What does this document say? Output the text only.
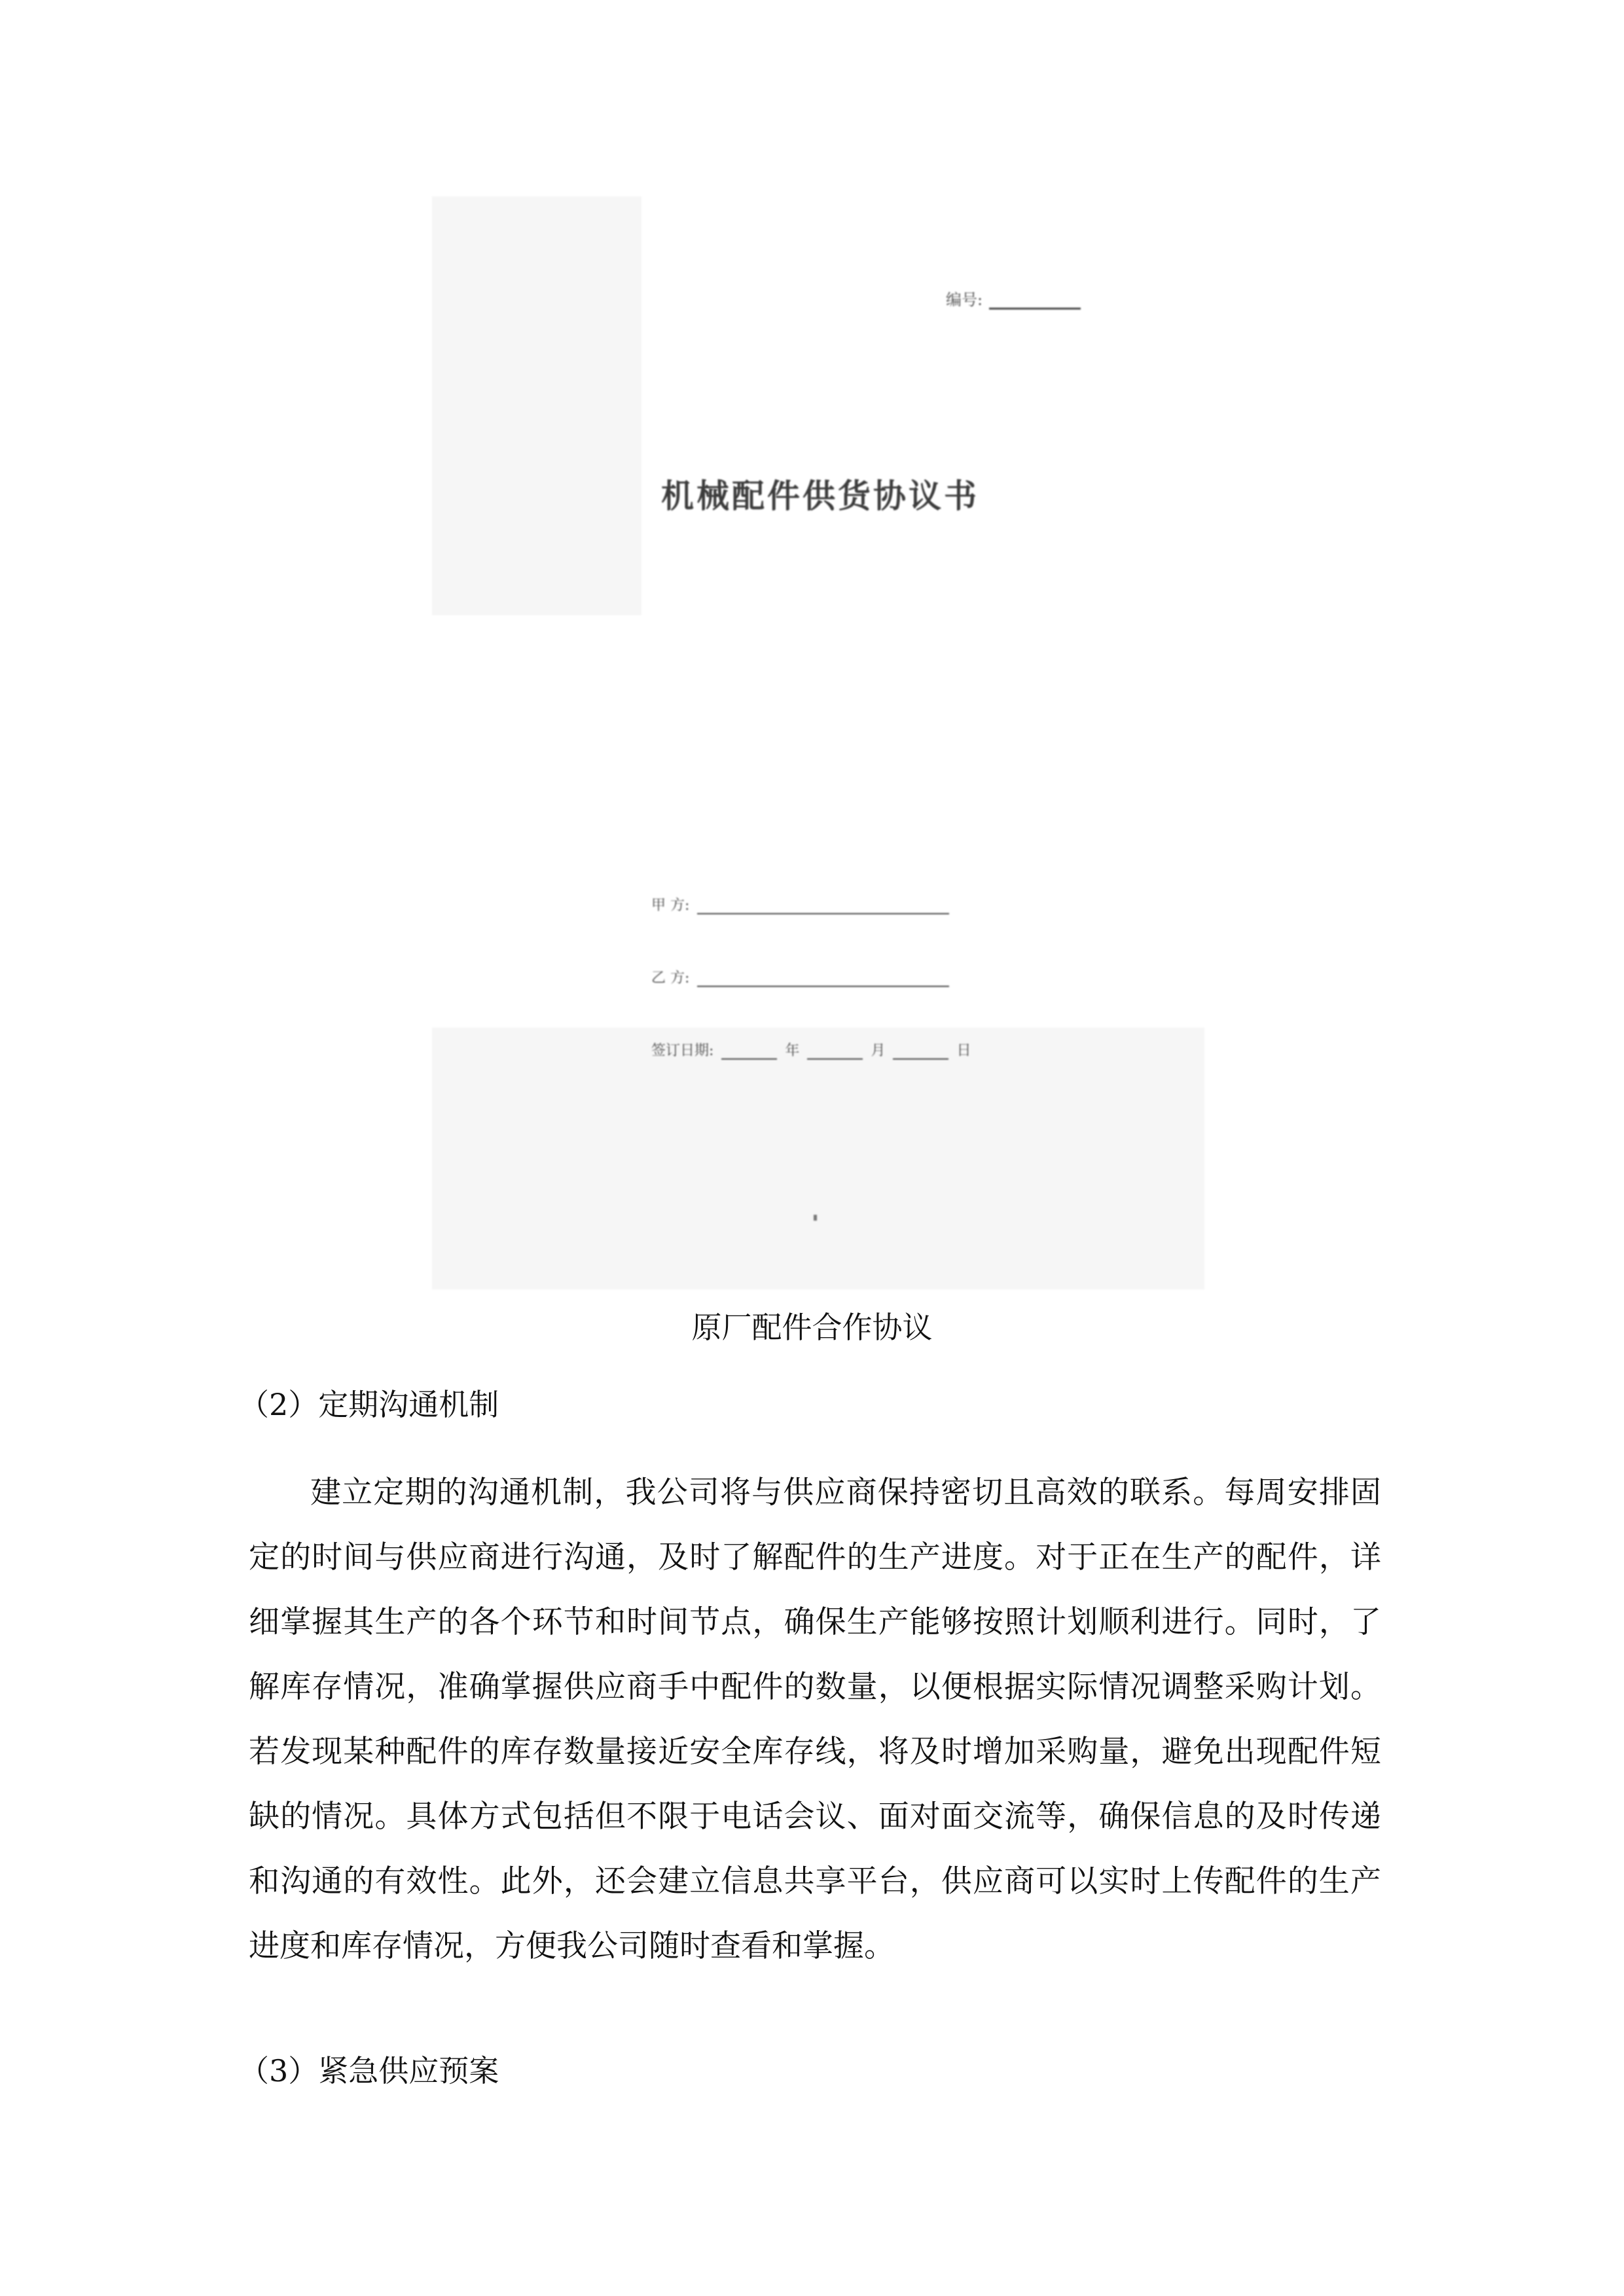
编号:
机械配件供货协议书
甲 方:
乙 方:
签订日期:	年	月	日
原厂配件合作协议
（2）定期沟通机制

建立定期的沟通机制，我公司将与供应商保持密切且高效的联系。每周安排固定的时间与供应商进行沟通，及时了解配件的生产进度。对于正在生产的配件，详细掌握其生产的各个环节和时间节点，确保生产能够按照计划顺利进行。同时，了解库存情况，准确掌握供应商手中配件的数量，以便根据实际情况调整采购计划。若发现某种配件的库存数量接近安全库存线，将及时增加采购量，避免出现配件短缺的情况。具体方式包括但不限于电话会议、面对面交流等，确保信息的及时传递和沟通的有效性。此外，还会建立信息共享平台，供应商可以实时上传配件的生产进度和库存情况，方便我公司随时查看和掌握。

（3）紧急供应预案
